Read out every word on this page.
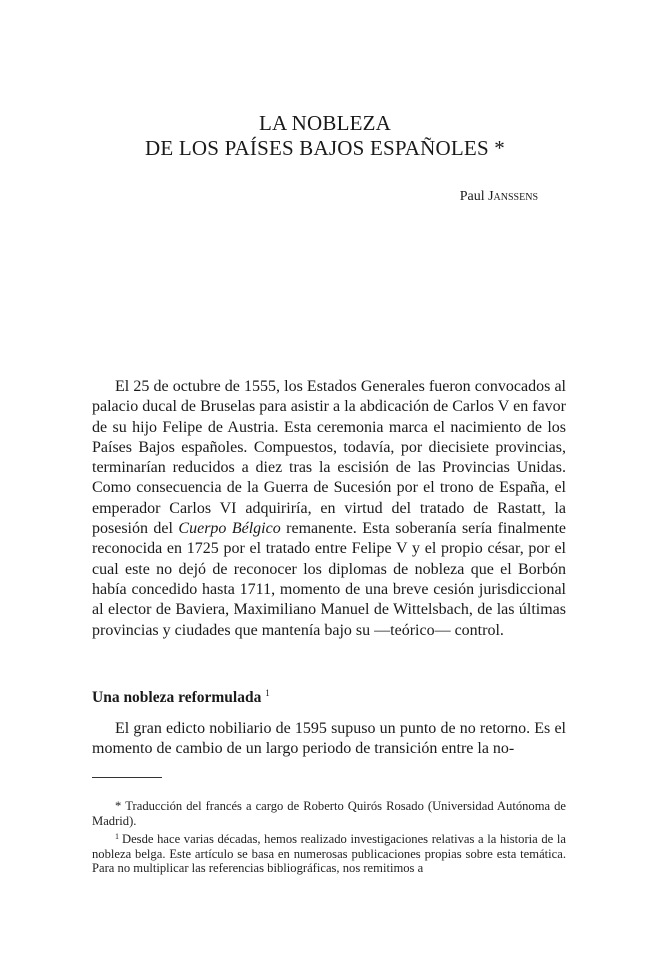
LA NOBLEZA
DE LOS PAÍSES BAJOS ESPAÑOLES *
Paul Janssens

El 25 de octubre de 1555, los Estados Generales fueron convocados al palacio ducal de Bruselas para asistir a la abdicación de Carlos V en favor de su hijo Felipe de Austria. Esta ceremonia marca el nacimiento de los Países Bajos españoles. Compuestos, todavía, por diecisiete provincias, terminarían reducidos a diez tras la escisión de las Provincias Unidas. Como consecuencia de la Guerra de Sucesión por el trono de España, el emperador Carlos VI adquiriría, en virtud del tratado de Rastatt, la posesión del Cuerpo Bélgico remanente. Esta soberanía sería finalmente reconocida en 1725 por el tratado entre Felipe V y el propio césar, por el cual este no dejó de reconocer los diplomas de nobleza que el Borbón había concedido hasta 1711, momento de una breve cesión jurisdiccional al elector de Baviera, Maximiliano Manuel de Wittelsbach, de las últimas provincias y ciudades que mantenía bajo su —teórico— control.

Una nobleza reformulada $^1$

El gran edicto nobiliario de 1595 supuso un punto de no retorno. Es el momento de cambio de un largo periodo de transición entre la no-

* Traducción del francés a cargo de Roberto Quirós Rosado (Universidad Autónoma de Madrid).

$^1$ Desde hace varias décadas, hemos realizado investigaciones relativas a la historia de la nobleza belga. Este artículo se basa en numerosas publicaciones propias sobre esta temática. Para no multiplicar las referencias bibliográficas, nos remitimos a
